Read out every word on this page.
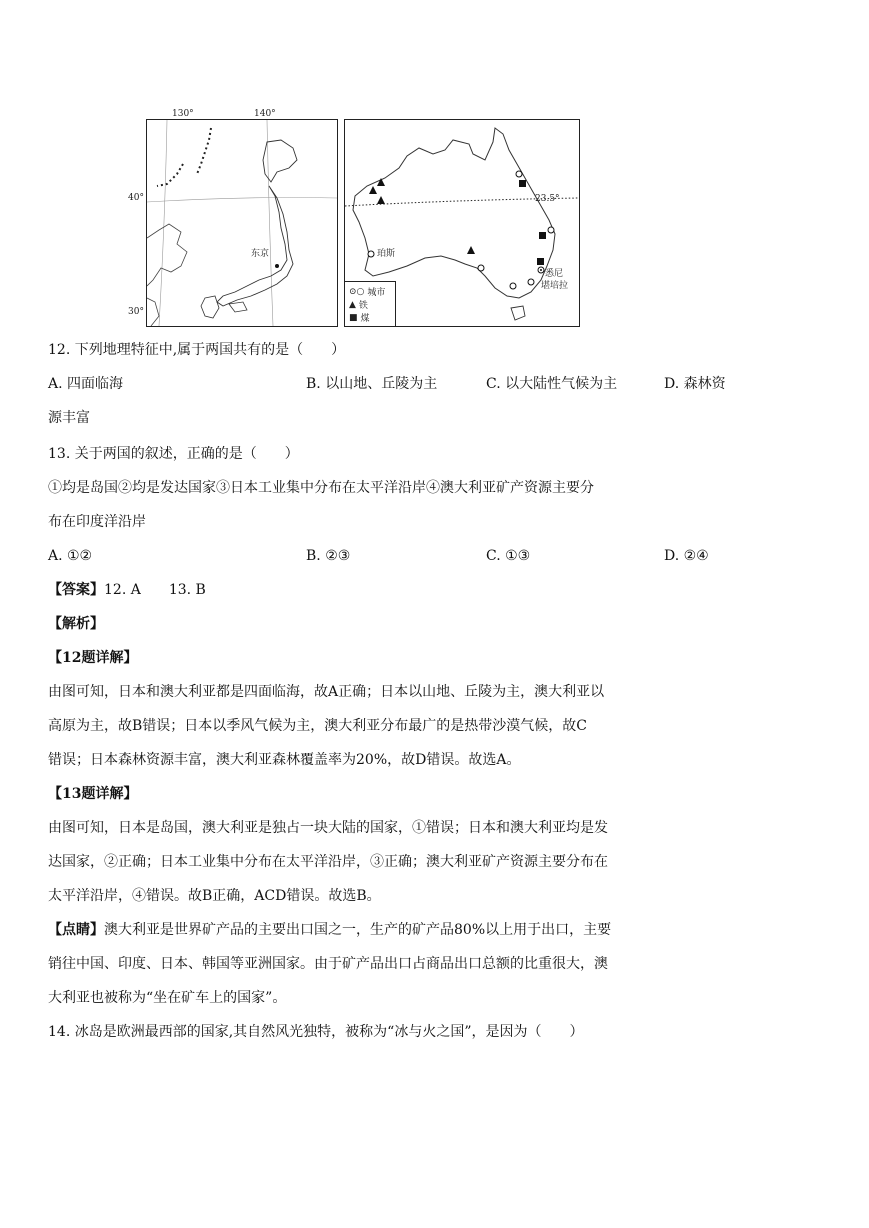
130°	140°
40°
30°
东京
23.5°
珀斯
悉尼
堪培拉
⊙○ 城市
▲ 铁
■ 煤
12. 下列地理特征中,属于两国共有的是（　　）
A. 四面临海	B. 以山地、丘陵为主	C. 以大陆性气候为主	D. 森林资
源丰富
13. 关于两国的叙述，正确的是（　　）
①均是岛国②均是发达国家③日本工业集中分布在太平洋沿岸④澳大利亚矿产资源主要分
布在印度洋沿岸
A. ①②	B. ②③	C. ①③	D. ②④
【答案】12. A　　13. B
【解析】
【12题详解】
由图可知，日本和澳大利亚都是四面临海，故A正确；日本以山地、丘陵为主，澳大利亚以
高原为主，故B错误；日本以季风气候为主，澳大利亚分布最广的是热带沙漠气候，故C
错误；日本森林资源丰富，澳大利亚森林覆盖率为20%，故D错误。故选A。
【13题详解】
由图可知，日本是岛国，澳大利亚是独占一块大陆的国家，①错误；日本和澳大利亚均是发
达国家，②正确；日本工业集中分布在太平洋沿岸，③正确；澳大利亚矿产资源主要分布在
太平洋沿岸，④错误。故B正确，ACD错误。故选B。
【点睛】澳大利亚是世界矿产品的主要出口国之一，生产的矿产品80%以上用于出口，主要
销往中国、印度、日本、韩国等亚洲国家。由于矿产品出口占商品出口总额的比重很大，澳
大利亚也被称为“坐在矿车上的国家”。
14. 冰岛是欧洲最西部的国家,其自然风光独特，被称为“冰与火之国”，是因为（　　）
